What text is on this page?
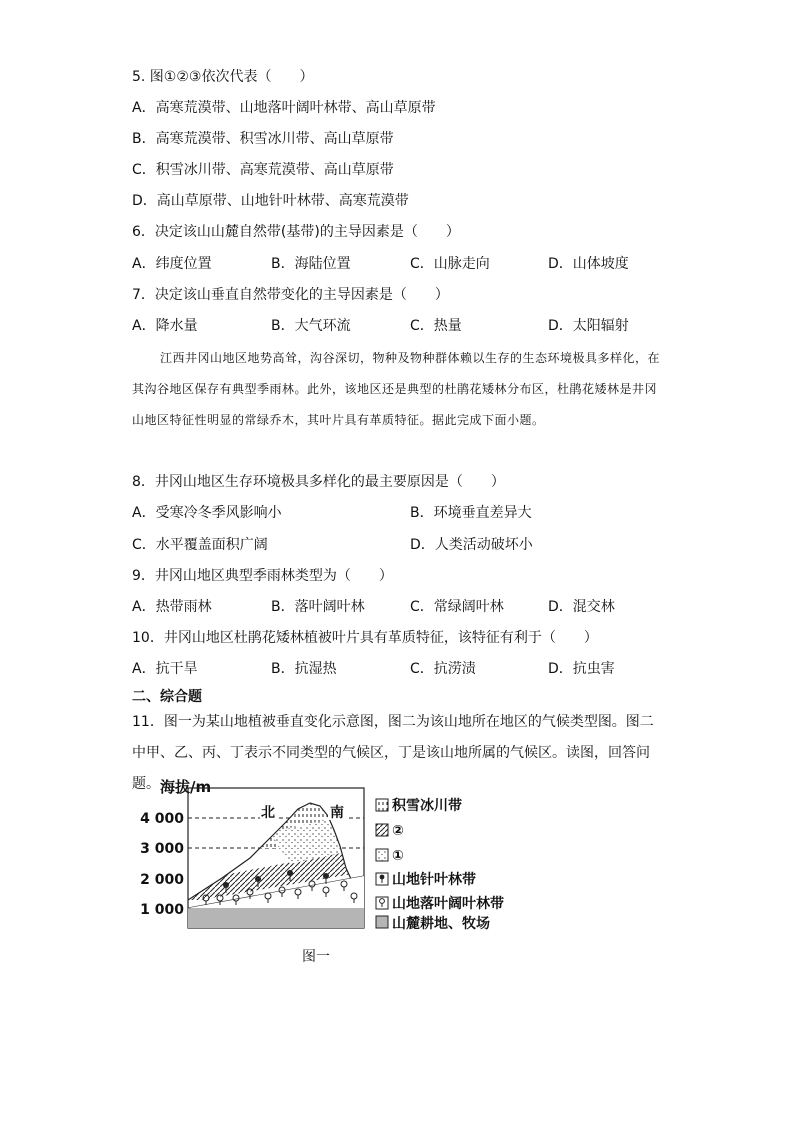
5. 图①②③依次代表（　　）
A．高寒荒漠带、山地落叶阔叶林带、高山草原带
B．高寒荒漠带、积雪冰川带、高山草原带
C．积雪冰川带、高寒荒漠带、高山草原带
D．高山草原带、山地针叶林带、高寒荒漠带
6．决定该山山麓自然带(基带)的主导因素是（　　）
A．纬度位置	B．海陆位置	C．山脉走向	D．山体坡度
7．决定该山垂直自然带变化的主导因素是（　　）
A．降水量	B．大气环流	C．热量	D．太阳辐射
江西井冈山地区地势高耸，沟谷深切，物种及物种群体赖以生存的生态环境极具多样化，在其沟谷地区保存有典型季雨林。此外，该地区还是典型的杜鹃花矮林分布区，杜鹃花矮林是井冈山地区特征性明显的常绿乔木，其叶片具有革质特征。据此完成下面小题。
8．井冈山地区生存环境极具多样化的最主要原因是（　　）
A．受寒冷冬季风影响小	B．环境垂直差异大
C．水平覆盖面积广阔	D．人类活动破坏小
9．井冈山地区典型季雨林类型为（　　）
A．热带雨林	B．落叶阔叶林	C．常绿阔叶林	D．混交林
10．井冈山地区杜鹃花矮林植被叶片具有革质特征，该特征有利于（　　）
A．抗干旱	B．抗湿热	C．抗涝渍	D．抗虫害
二、综合题
11．图一为某山地植被垂直变化示意图，图二为该山地所在地区的气候类型图。图二中甲、乙、丙、丁表示不同类型的气候区，丁是该山地所属的气候区。读图，回答问题。 海拔/m
4 000
3 000
2 000
1 000
北	南	积雪冰川带
②
①
山地针叶林带
山地落叶阔叶林带
山麓耕地、牧场
图一
